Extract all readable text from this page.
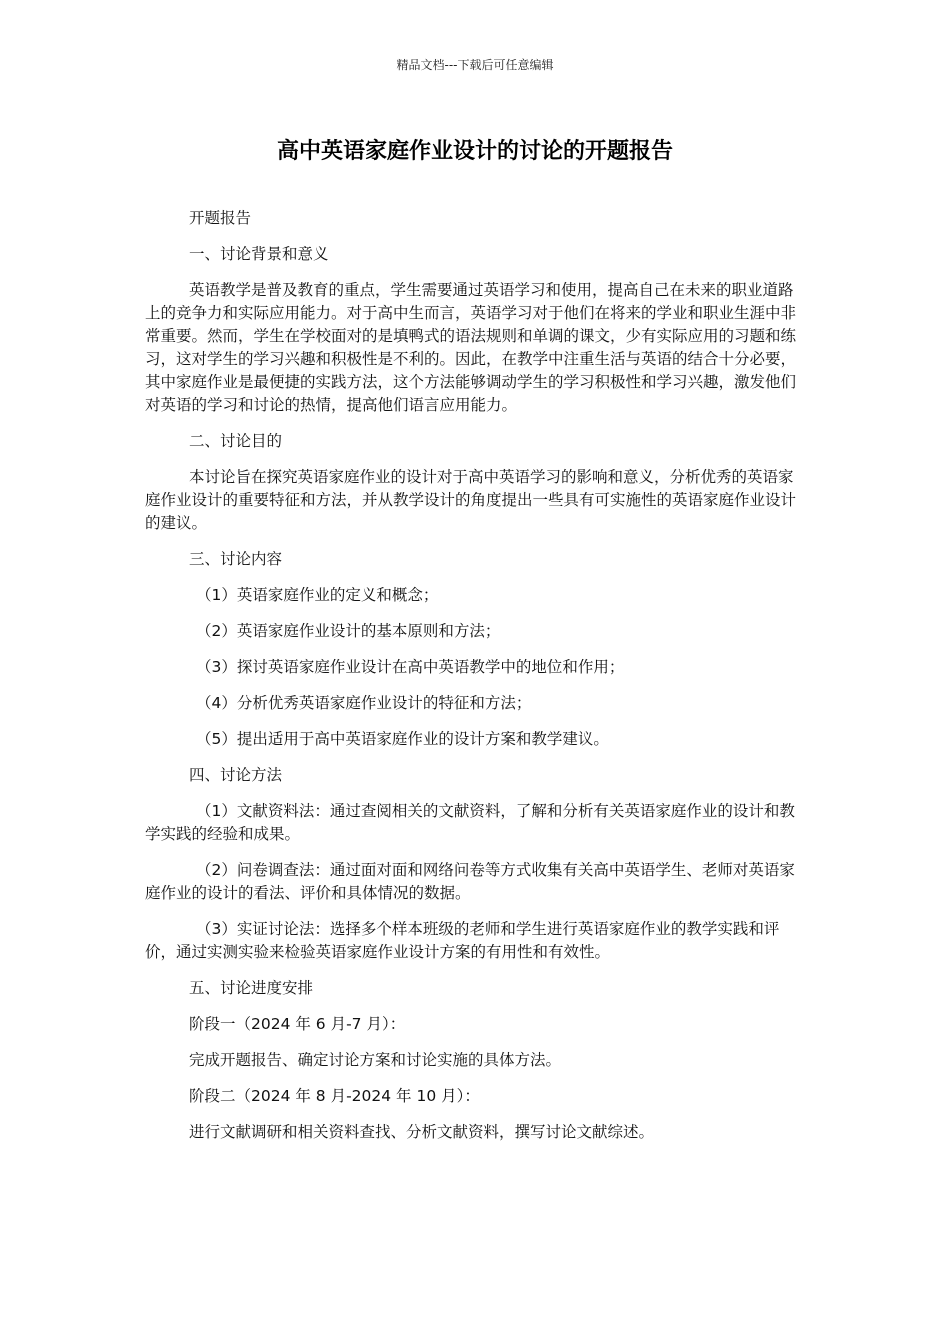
精品文档---下载后可任意编辑
高中英语家庭作业设计的讨论的开题报告

开题报告

一、讨论背景和意义

英语教学是普及教育的重点，学生需要通过英语学习和使用，提高自己在未来的职业道路上的竞争力和实际应用能力。对于高中生而言，英语学习对于他们在将来的学业和职业生涯中非常重要。然而，学生在学校面对的是填鸭式的语法规则和单调的课文，少有实际应用的习题和练习，这对学生的学习兴趣和积极性是不利的。因此，在教学中注重生活与英语的结合十分必要，其中家庭作业是最便捷的实践方法，这个方法能够调动学生的学习积极性和学习兴趣，激发他们对英语的学习和讨论的热情，提高他们语言应用能力。

二、讨论目的

本讨论旨在探究英语家庭作业的设计对于高中英语学习的影响和意义，分析优秀的英语家庭作业设计的重要特征和方法，并从教学设计的角度提出一些具有可实施性的英语家庭作业设计的建议。

三、讨论内容

（1）英语家庭作业的定义和概念；

（2）英语家庭作业设计的基本原则和方法；

（3）探讨英语家庭作业设计在高中英语教学中的地位和作用；

（4）分析优秀英语家庭作业设计的特征和方法；

（5）提出适用于高中英语家庭作业的设计方案和教学建议。

四、讨论方法

（1）文献资料法：通过查阅相关的文献资料，了解和分析有关英语家庭作业的设计和教学实践的经验和成果。

（2）问卷调查法：通过面对面和网络问卷等方式收集有关高中英语学生、老师对英语家庭作业的设计的看法、评价和具体情况的数据。

（3）实证讨论法：选择多个样本班级的老师和学生进行英语家庭作业的教学实践和评价，通过实测实验来检验英语家庭作业设计方案的有用性和有效性。

五、讨论进度安排

阶段一（2024 年 6 月-7 月）：

完成开题报告、确定讨论方案和讨论实施的具体方法。

阶段二（2024 年 8 月-2024 年 10 月）：

进行文献调研和相关资料查找、分析文献资料，撰写讨论文献综述。
